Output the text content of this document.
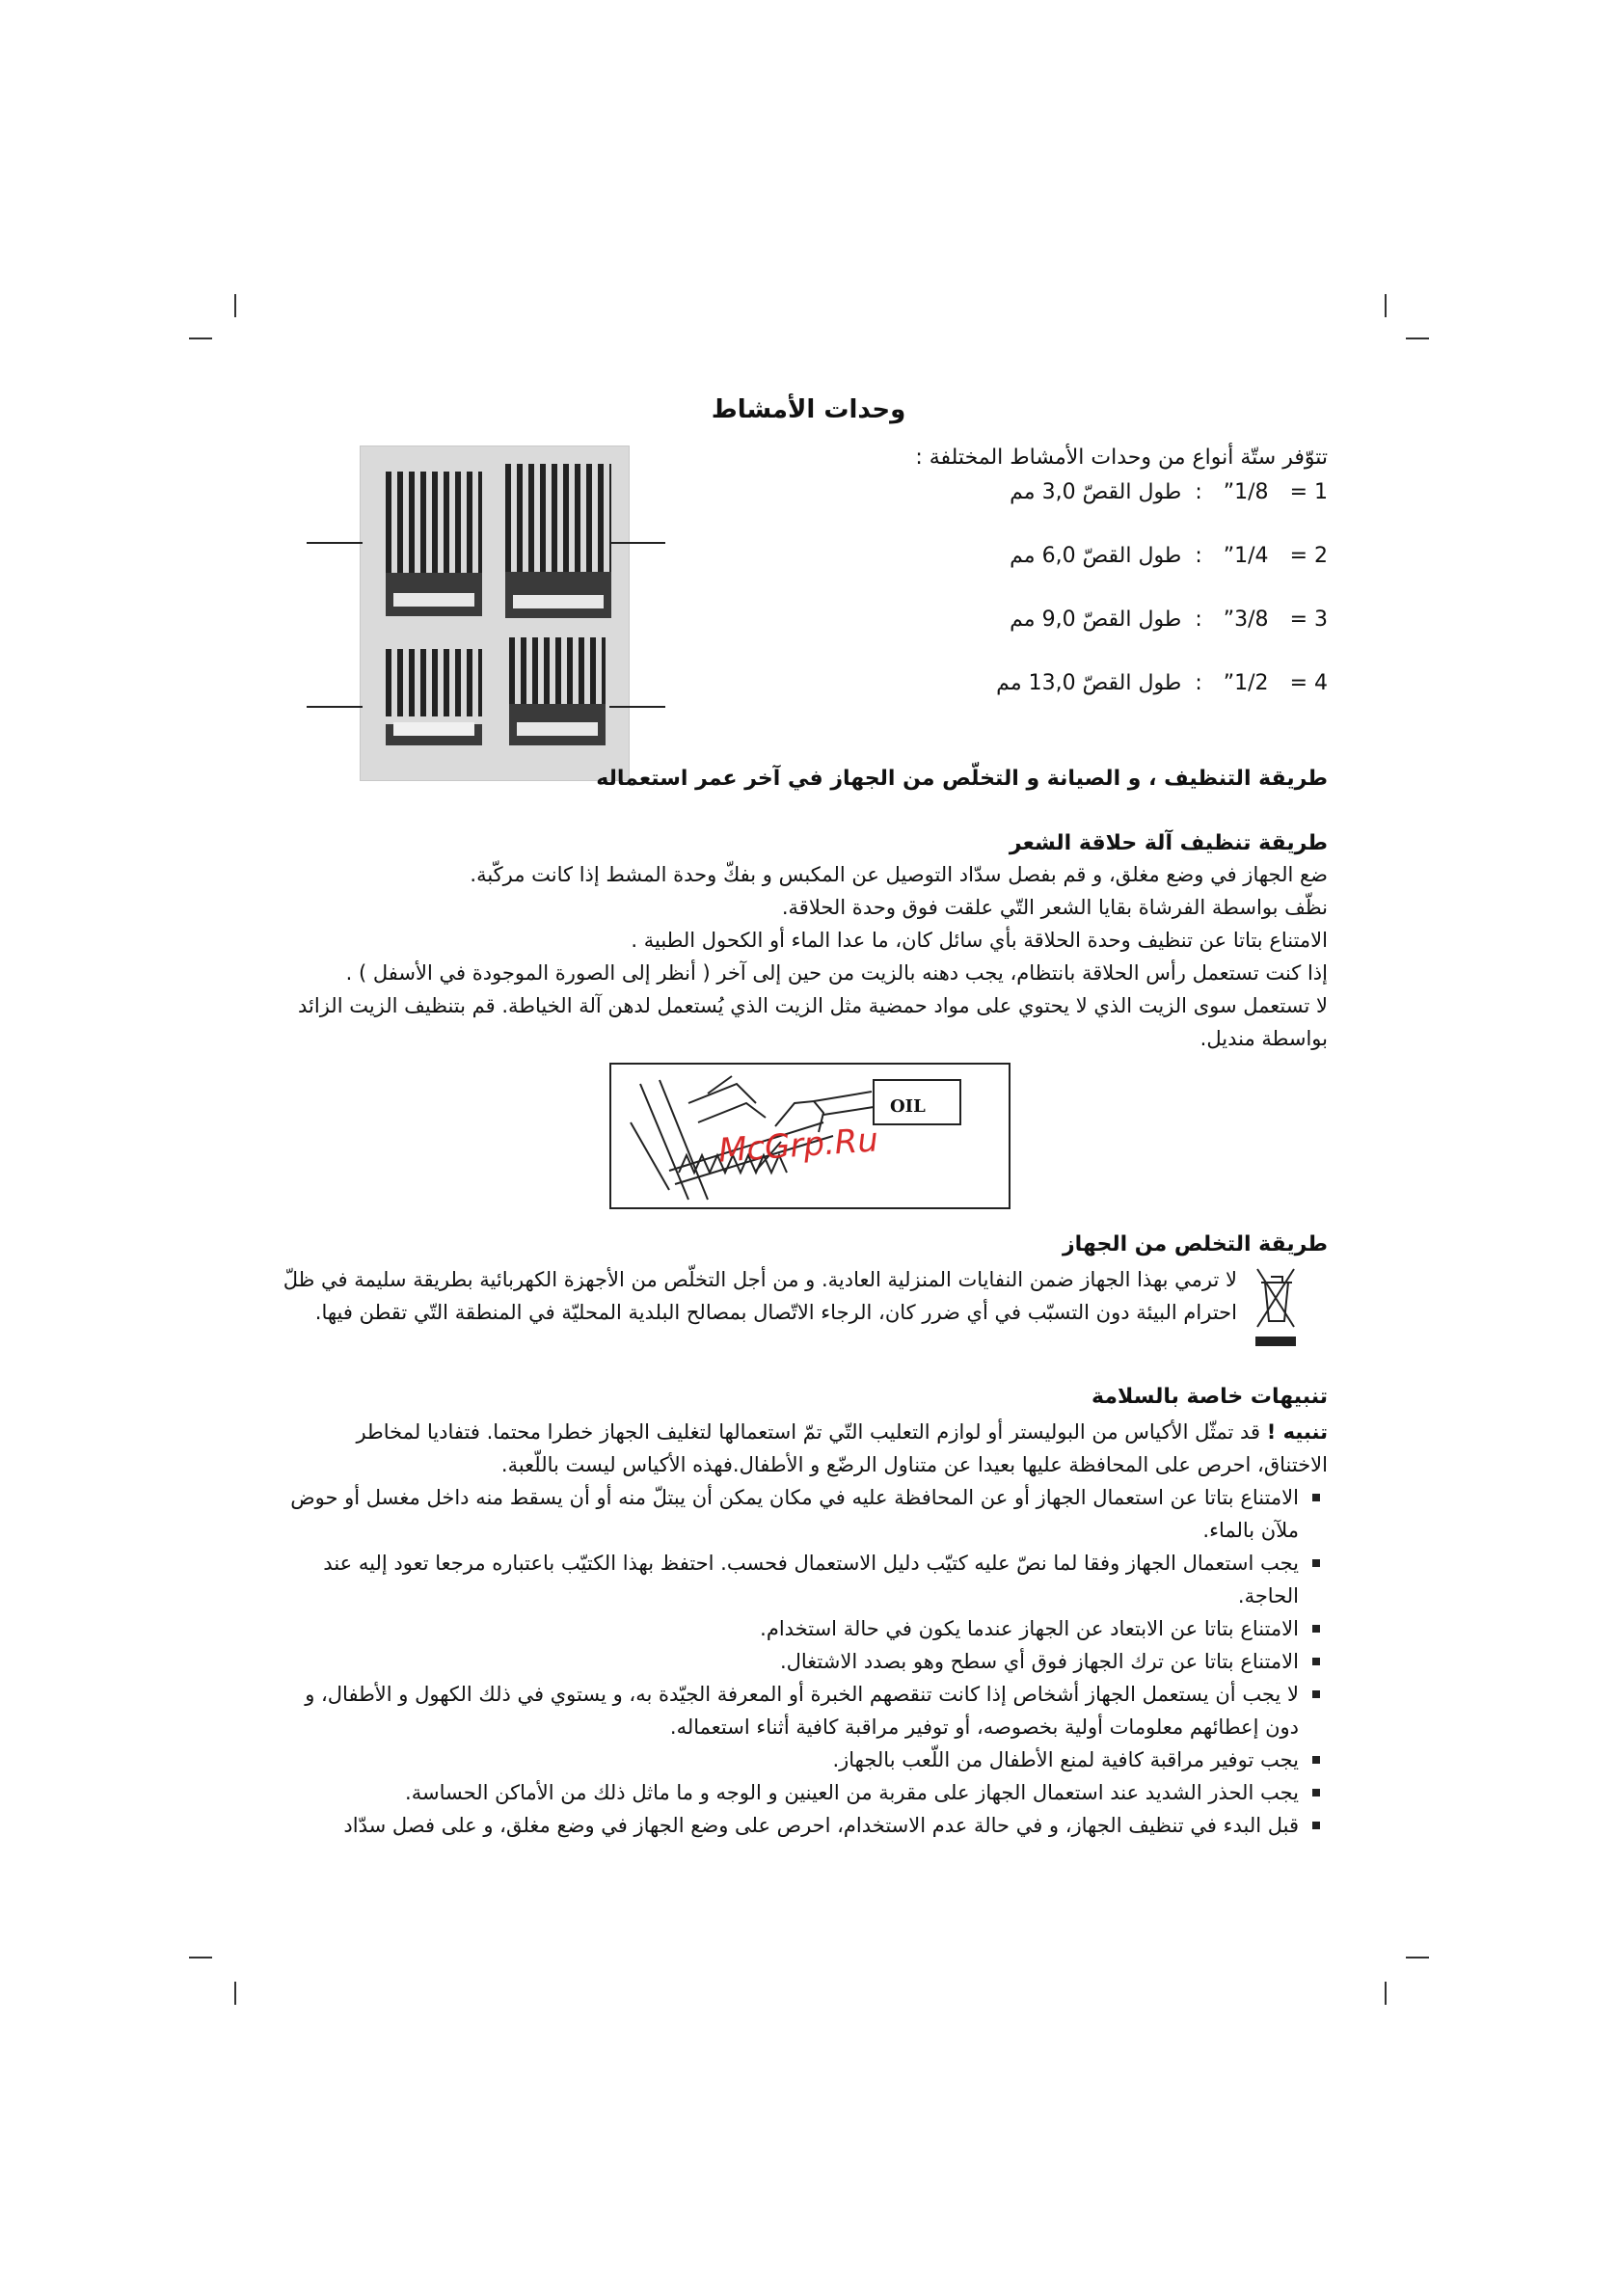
وحدات الأمشاط
تتوّفر ستّة أنواع من وحدات الأمشاط المختلفة :
1 =
”1/8
:
طول القصّ 3,0 مم
2 =
”1/4
:
طول القصّ 6,0 مم
3 =
”3/8
:
طول القصّ 9,0 مم
4 =
”1/2
:
طول القصّ 13,0 مم
طريقة التنظيف ، و الصيانة و التخلّص من الجهاز في آخر عمر استعماله
طريقة تنظيف آلة حلاقة الشعر

ضع الجهاز في وضع مغلق، و قم بفصل سدّاد التوصيل عن المكبس و بفكّ وحدة المشط إذا كانت مركّبة.

نظّف بواسطة الفرشاة بقايا الشعر التّي علقت فوق وحدة الحلاقة.

الامتناع بتاتا عن تنظيف وحدة الحلاقة بأي سائل كان، ما عدا الماء أو الكحول الطبية .

إذا كنت تستعمل رأس الحلاقة بانتظام، يجب دهنه بالزيت من حين إلى آخر ( أنظر إلى الصورة الموجودة في الأسفل ) .

لا تستعمل سوى الزيت الذي لا يحتوي على مواد حمضية مثل الزيت الذي يُستعمل لدهن آلة الخياطة. قم بتنظيف الزيت الزائد بواسطة منديل.

OIL
McGrp.Ru
طريقة التخلص من الجهاز
لا ترمي بهذا الجهاز ضمن النفايات المنزلية العادية. و من أجل التخلّص من الأجهزة الكهربائية بطريقة سليمة في ظلّ احترام البيئة دون التسبّب في أي ضرر كان، الرجاء الاتّصال بمصالح البلدية المحليّة في المنطقة التّي تقطن فيها.
تنبيهات خاصة بالسلامة
تنبيه ! قد تمثّل الأكياس من البوليستر أو لوازم التعليب التّي تمّ استعمالها لتغليف الجهاز خطرا محتما. فتفاديا لمخاطر الاختناق، احرص على المحافظة عليها بعيدا عن متناول الرضّع و الأطفال.فهذه الأكياس ليست باللّعبة.
الامتناع بتاتا عن استعمال الجهاز أو عن المحافظة عليه في مكان يمكن أن يبتلّ منه أو أن يسقط منه داخل مغسل أو حوض ملآن بالماء.
يجب استعمال الجهاز وفقا لما نصّ عليه كتيّب دليل الاستعمال فحسب. احتفظ بهذا الكتيّب باعتباره مرجعا تعود إليه عند الحاجة.
الامتناع بتاتا عن الابتعاد عن الجهاز عندما يكون في حالة استخدام.
الامتناع بتاتا عن ترك الجهاز فوق أي سطح وهو بصدد الاشتغال.
لا يجب أن يستعمل الجهاز أشخاص إذا كانت تنقصهم الخبرة أو المعرفة الجيّدة به، و يستوي في ذلك الكهول و الأطفال، و دون إعطائهم معلومات أولية بخصوصه، أو توفير مراقبة كافية أثناء استعماله.
يجب توفير مراقبة كافية لمنع الأطفال من اللّعب بالجهاز.
يجب الحذر الشديد عند استعمال الجهاز على مقربة من العينين و الوجه و ما ماثل ذلك من الأماكن الحساسة.
قبل البدء في تنظيف الجهاز، و في حالة عدم الاستخدام، احرص على وضع الجهاز في وضع مغلق، و على فصل سدّاد
